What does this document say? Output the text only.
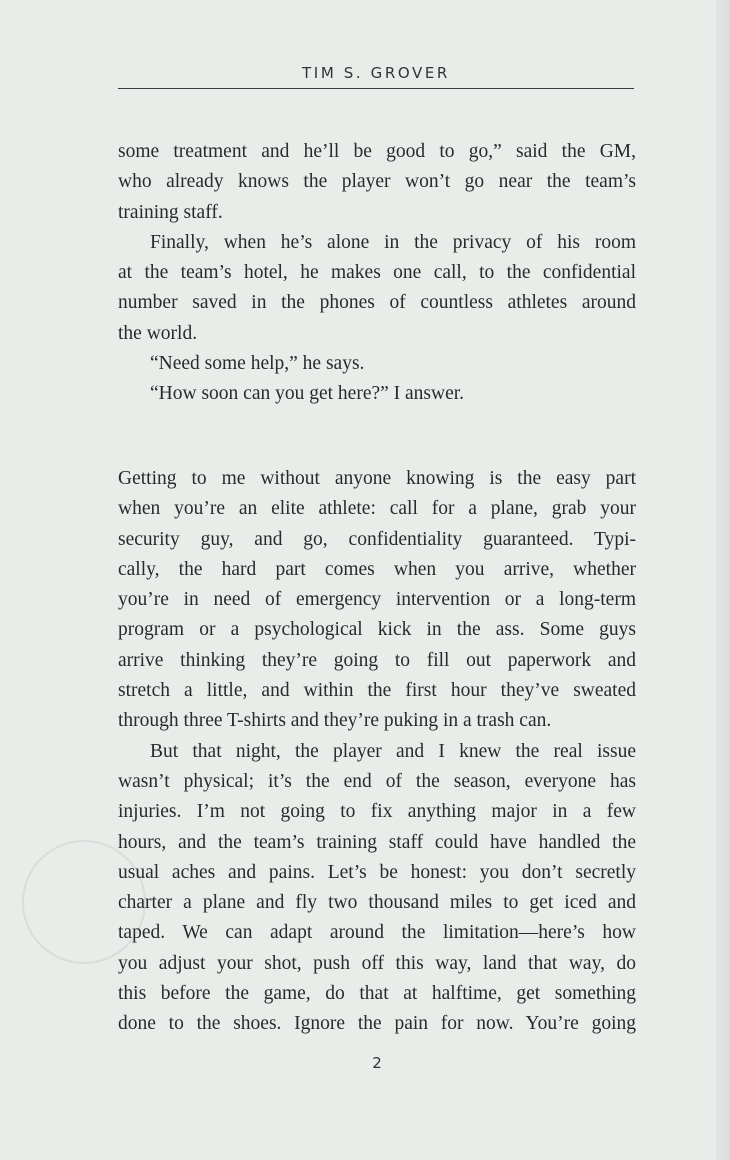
TIM S. GROVER
some treatment and he’ll be good to go,” said the GM,
who already knows the player won’t go near the team’s
training staff.
Finally, when he’s alone in the privacy of his room
at the team’s hotel, he makes one call, to the confidential
number saved in the phones of countless athletes around
the world.
“Need some help,” he says.
“How soon can you get here?” I answer.
Getting to me without anyone knowing is the easy part
when you’re an elite athlete: call for a plane, grab your
security guy, and go, confidentiality guaranteed. Typi-
cally, the hard part comes when you arrive, whether
you’re in need of emergency intervention or a long-term
program or a psychological kick in the ass. Some guys
arrive thinking they’re going to fill out paperwork and
stretch a little, and within the first hour they’ve sweated
through three T-shirts and they’re puking in a trash can.
But that night, the player and I knew the real issue
wasn’t physical; it’s the end of the season, everyone has
injuries. I’m not going to fix anything major in a few
hours, and the team’s training staff could have handled the
usual aches and pains. Let’s be honest: you don’t secretly
charter a plane and fly two thousand miles to get iced and
taped. We can adapt around the limitation—here’s how
you adjust your shot, push off this way, land that way, do
this before the game, do that at halftime, get something
done to the shoes. Ignore the pain for now. You’re going
2
